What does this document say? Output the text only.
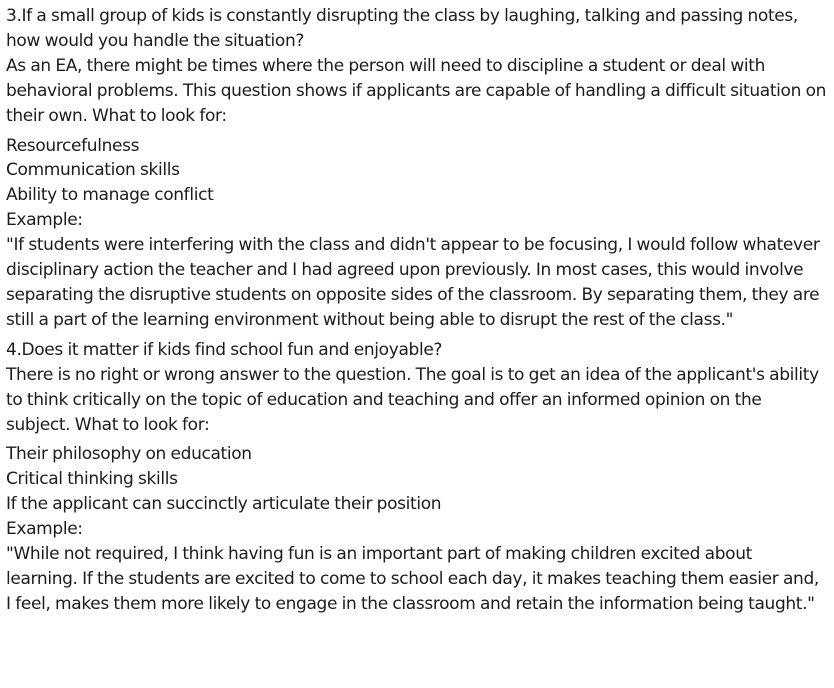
3.If a small group of kids is constantly disrupting the class by laughing, talking and passing notes, how would you handle the situation?

As an EA, there might be times where the person will need to discipline a student or deal with behavioral problems. This question shows if applicants are capable of handling a difficult situation on their own. What to look for:

Resourcefulness

Communication skills

Ability to manage conflict

Example:

"If students were interfering with the class and didn't appear to be focusing, I would follow whatever disciplinary action the teacher and I had agreed upon previously. In most cases, this would involve separating the disruptive students on opposite sides of the classroom. By separating them, they are still a part of the learning environment without being able to disrupt the rest of the class."

4.Does it matter if kids find school fun and enjoyable?

There is no right or wrong answer to the question. The goal is to get an idea of the applicant's ability to think critically on the topic of education and teaching and offer an informed opinion on the subject. What to look for:

Their philosophy on education

Critical thinking skills

If the applicant can succinctly articulate their position

Example:

"While not required, I think having fun is an important part of making children excited about learning. If the students are excited to come to school each day, it makes teaching them easier and, I feel, makes them more likely to engage in the classroom and retain the information being taught."
